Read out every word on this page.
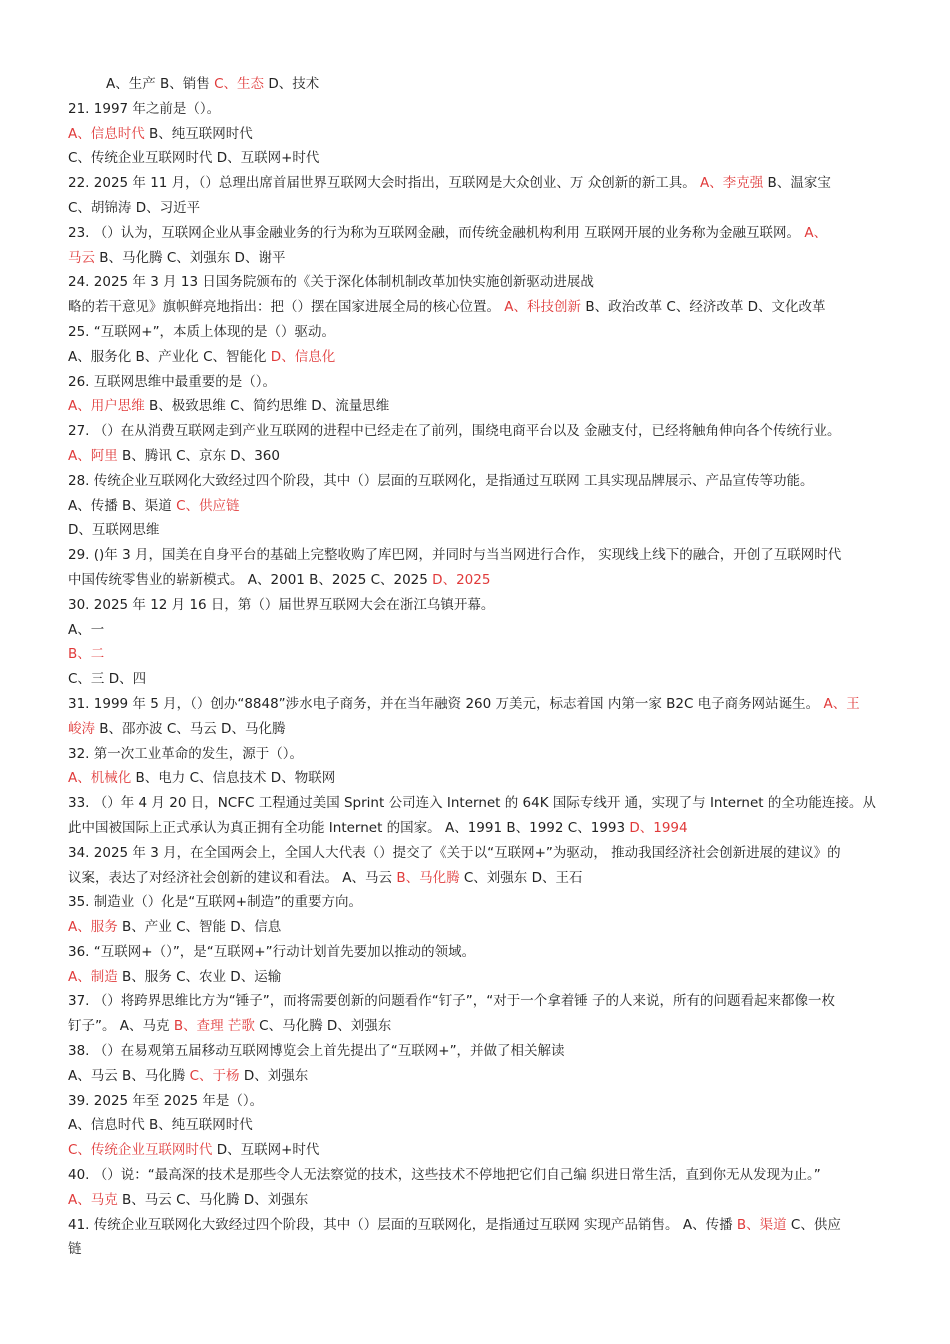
A、生产 B、销售 C、生态 D、技术
21. 1997 年之前是（）。
A、信息时代 B、纯互联网时代
C、传统企业互联网时代 D、互联网+时代
22. 2025 年 11 月，（）总理出席首届世界互联网大会时指出，互联网是大众创业、万 众创新的新工具。 A、李克强 B、温家宝
C、胡锦涛 D、习近平
23. （）认为，互联网企业从事金融业务的行为称为互联网金融，而传统金融机构利用 互联网开展的业务称为金融互联网。 A、
马云 B、马化腾 C、刘强东 D、谢平
24. 2025 年 3 月 13 日国务院颁布的《关于深化体制机制改革加快实施创新驱动进展战
略的若干意见》旗帜鲜亮地指出：把（）摆在国家进展全局的核心位置。 A、科技创新 B、政治改革 C、经济改革 D、文化改革
25. “互联网+”，本质上体现的是（）驱动。
A、服务化 B、产业化 C、智能化 D、信息化
26. 互联网思维中最重要的是（）。
A、用户思维 B、极致思维 C、简约思维 D、流量思维
27. （）在从消费互联网走到产业互联网的进程中已经走在了前列，围绕电商平台以及 金融支付，已经将触角伸向各个传统行业。
A、阿里 B、腾讯 C、京东 D、360
28. 传统企业互联网化大致经过四个阶段，其中（）层面的互联网化，是指通过互联网 工具实现品牌展示、产品宣传等功能。
A、传播 B、渠道 C、供应链
D、互联网思维
29. ()年 3 月，国美在自身平台的基础上完整收购了库巴网，并同时与当当网进行合作， 实现线上线下的融合，开创了互联网时代
中国传统零售业的崭新模式。 A、2001 B、2025 C、2025 D、2025
30. 2025 年 12 月 16 日，第（）届世界互联网大会在浙江乌镇开幕。
A、一
B、二
C、三 D、四
31. 1999 年 5 月，（）创办“8848”涉水电子商务，并在当年融资 260 万美元，标志着国 内第一家 B2C 电子商务网站诞生。 A、王
峻涛 B、邵亦波 C、马云 D、马化腾
32. 第一次工业革命的发生，源于（）。
A、机械化 B、电力 C、信息技术 D、物联网
33. （）年 4 月 20 日，NCFC 工程通过美国 Sprint 公司连入 Internet 的 64K 国际专线开 通，实现了与 Internet 的全功能连接。从
此中国被国际上正式承认为真正拥有全功能 Internet 的国家。 A、1991 B、1992 C、1993 D、1994
34. 2025 年 3 月，在全国两会上，全国人大代表（）提交了《关于以“互联网+”为驱动， 推动我国经济社会创新进展的建议》的
议案，表达了对经济社会创新的建议和看法。 A、马云 B、马化腾 C、刘强东 D、王石
35. 制造业（）化是“互联网+制造”的重要方向。
A、服务 B、产业 C、智能 D、信息
36. “互联网+（）”，是“互联网+”行动计划首先要加以推动的领域。
A、制造 B、服务 C、农业 D、运输
37. （）将跨界思维比方为“锤子”，而将需要创新的问题看作“钉子”，“对于一个拿着锤 子的人来说，所有的问题看起来都像一枚
钉子”。 A、马克 B、查理 芒歌 C、马化腾 D、刘强东
38. （）在易观第五届移动互联网博览会上首先提出了“互联网+”，并做了相关解读
A、马云 B、马化腾 C、于杨 D、刘强东
39. 2025 年至 2025 年是（）。
A、信息时代 B、纯互联网时代
C、传统企业互联网时代 D、互联网+时代
40. （）说：“最高深的技术是那些令人无法察觉的技术，这些技术不停地把它们自己编 织进日常生活，直到你无从发现为止。”
A、马克 B、马云 C、马化腾 D、刘强东
41. 传统企业互联网化大致经过四个阶段，其中（）层面的互联网化，是指通过互联网 实现产品销售。 A、传播 B、渠道 C、供应
链
